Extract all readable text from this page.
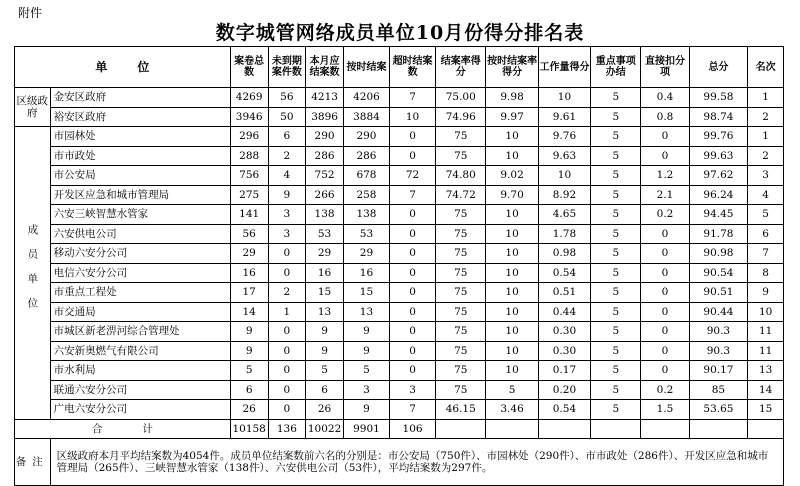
附件
数字城管网络成员单位10月份得分排名表
单位		案卷总数	未到期案件数	本月应结案数	按时结案	超时结案数	结案率得分	按时结案率得分	工作量得分	重点事项办结	直接扣分项	总分	名次
区级政府	金安区政府	4269	56	4213	4206	7	75.00	9.98	10	5	0.4	99.58	1
	裕安区政府	3946	50	3896	3884	10	74.96	9.97	9.61	5	0.8	98.74	2
成员单位	市园林处	296	6	290	290	0	75	10	9.76	5	0	99.76	1
	市市政处	288	2	286	286	0	75	10	9.63	5	0	99.63	2
	市公安局	756	4	752	678	72	74.80	9.02	10	5	1.2	97.62	3
	开发区应急和城市管理局	275	9	266	258	7	74.72	9.70	8.92	5	2.1	96.24	4
	六安三峡智慧水管家	141	3	138	138	0	75	10	4.65	5	0.2	94.45	5
	六安供电公司	56	3	53	53	0	75	10	1.78	5	0	91.78	6
	移动六安分公司	29	0	29	29	0	75	10	0.98	5	0	90.98	7
	电信六安分公司	16	0	16	16	0	75	10	0.54	5	0	90.54	8
	市重点工程处	17	2	15	15	0	75	10	0.51	5	0	90.51	9
	市交通局	14	1	13	13	0	75	10	0.44	5	0	90.44	10
	市城区新老淠河综合管理处	9	0	9	9	0	75	10	0.30	5	0	90.3	11
	六安新奥燃气有限公司	9	0	9	9	0	75	10	0.30	5	0	90.3	11
	市水利局	5	0	5	5	0	75	10	0.17	5	0	90.17	13
	联通六安分公司	6	0	6	3	3	75	5	0.20	5	0.2	85	14
	广电六安分公司	26	0	26	9	7	46.15	3.46	0.54	5	1.5	53.65	15
合计		10158	136	10022	9901	106							
备注	区级政府本月平均结案数为4054件。成员单位结案数前六名的分别是：市公安局（750件）、市园林处（290件）、市市政处（286件）、开发区应急和城市管理局（265件）、三峡智慧水管家（138件）、六安供电公司（53件），平均结案数为297件。												
